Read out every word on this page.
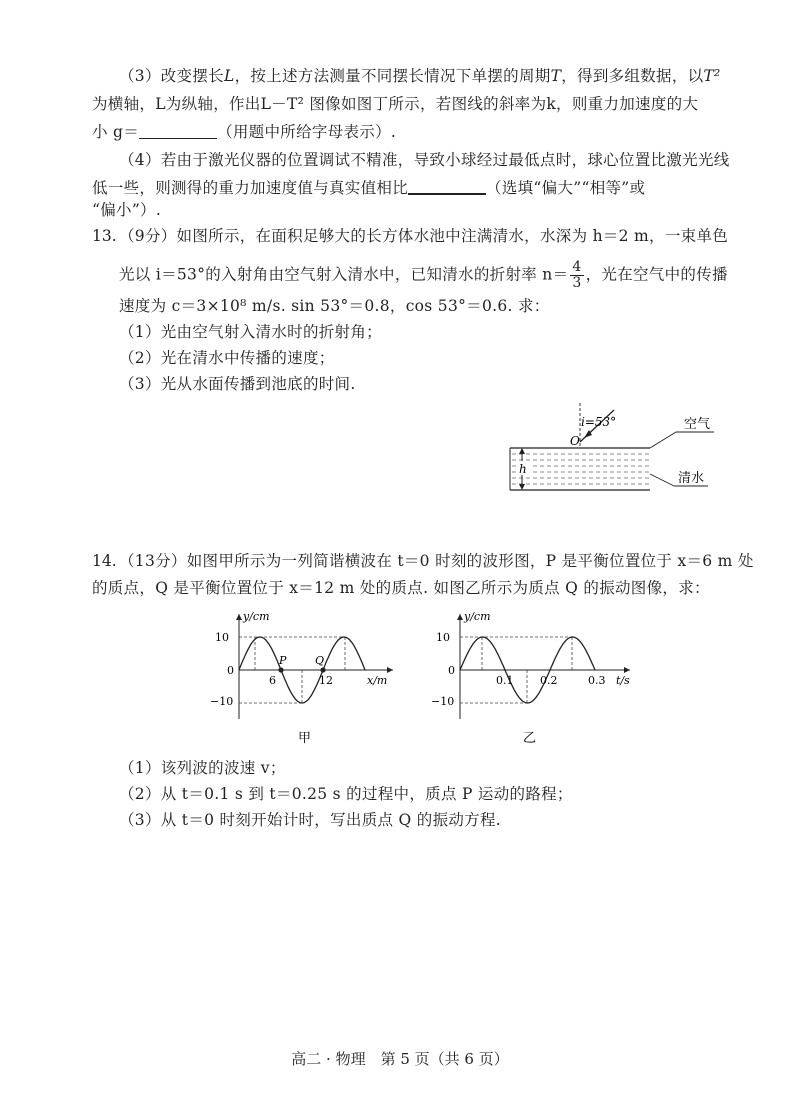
（3）改变摆长L，按上述方法测量不同摆长情况下单摆的周期T，得到多组数据，以T²
为横轴，L为纵轴，作出L－T² 图像如图丁所示，若图线的斜率为k，则重力加速度的大
小 g＝	（用题中所给字母表示）.
（4）若由于激光仪器的位置调试不精准，导致小球经过最低点时，球心位置比激光光线
低一些，则测得的重力加速度值与真实值相比	（选填“偏大”“相等”或
“偏小”）.
13. （9分）如图所示，在面积足够大的长方体水池中注满清水，水深为 h＝2 m，一束单色
光以 i＝53°的入射角由空气射入清水中，已知清水的折射率 $n= \frac{4}{3}$ ，光在空气中的传播
速度为 c＝3×10⁸ m/s. sin 53°＝0.8，cos 53°＝0.6. 求：
（1）光由空气射入清水时的折射角；
（2）光在清水中传播的速度；
（3）光从水面传播到池底的时间.
h
i=53°
O
空气
清水
14. （13分）如图甲所示为一列简谐横波在 t＝0 时刻的波形图，P 是平衡位置位于 x＝6 m 处
的质点，Q 是平衡位置位于 x＝12 m 处的质点. 如图乙所示为质点 Q 的振动图像，求：
y/cm
x/m
10
0
−10
P	Q
6	12
甲
y/cm
t/s
10
0
−10
0.1 0.2	0.3
乙
（1）该列波的波速 v；
（2）从 t＝0.1 s 到 t＝0.25 s 的过程中，质点 P 运动的路程；
（3）从 t＝0 时刻开始计时，写出质点 Q 的振动方程.
高二 · 物理　第 5 页（共 6 页）
